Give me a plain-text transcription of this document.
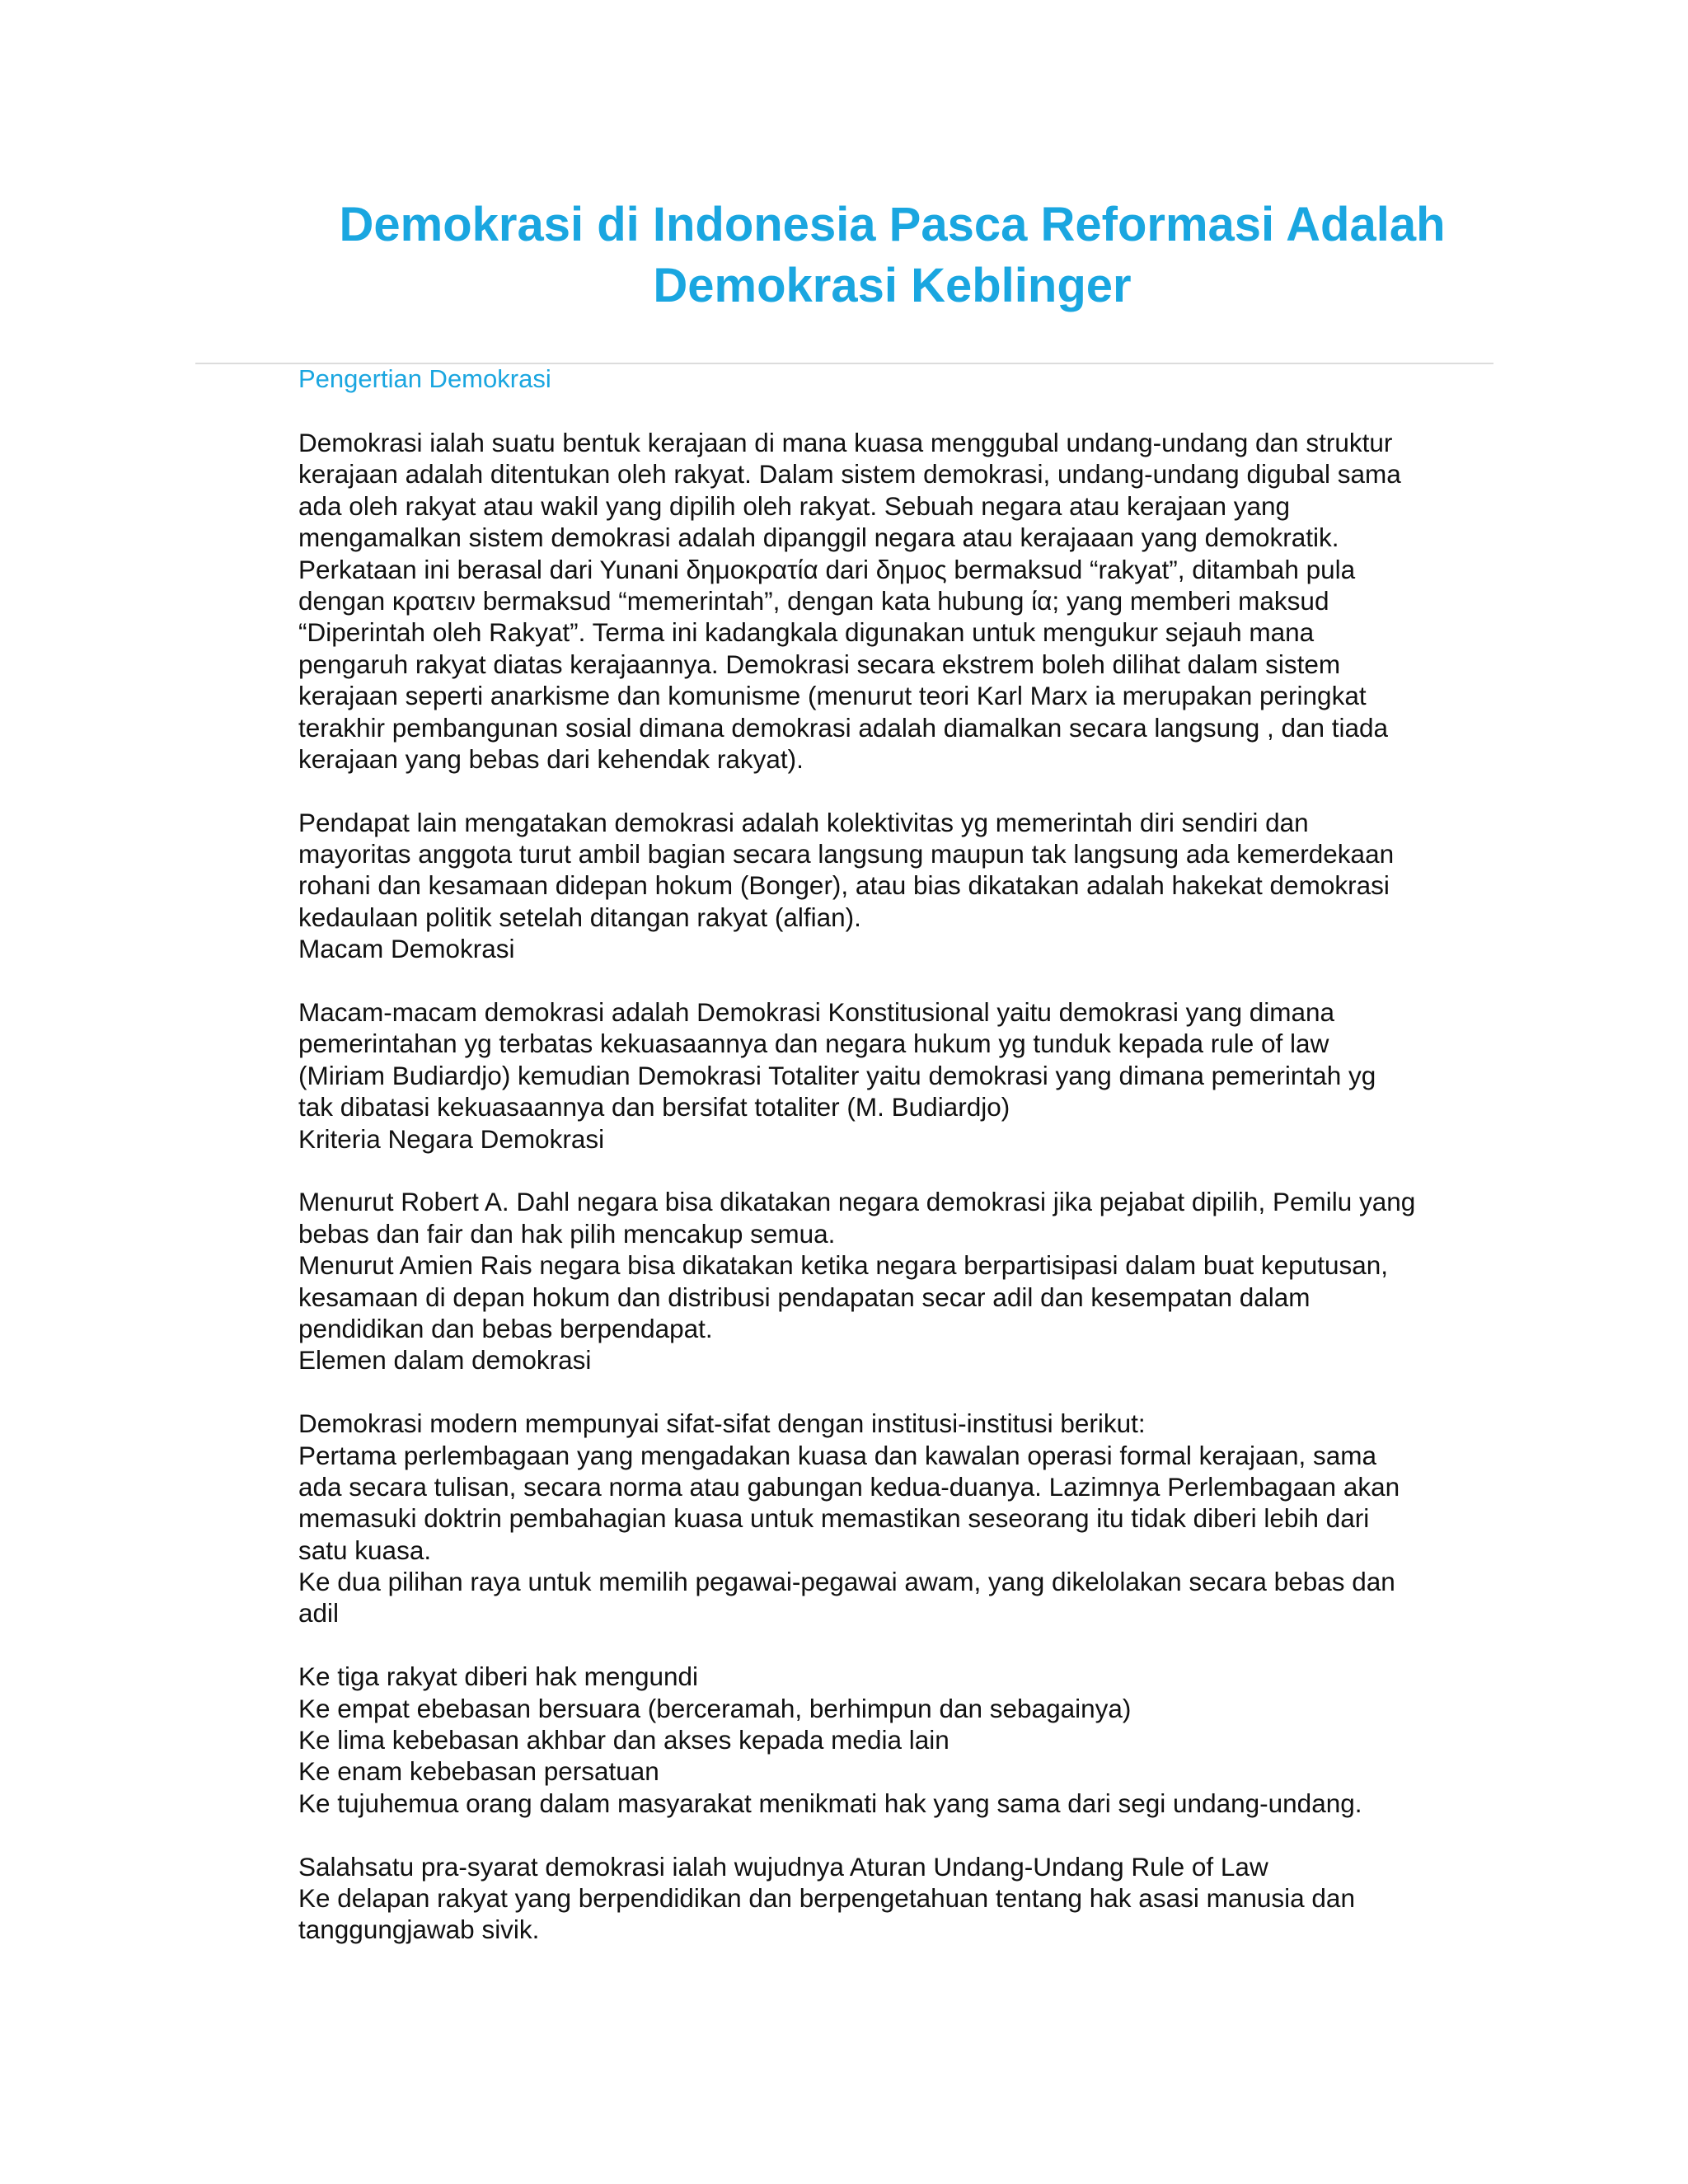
Demokrasi di Indonesia Pasca Reformasi Adalah
Demokrasi Keblinger
Pengertian Demokrasi
Demokrasi ialah suatu bentuk kerajaan di mana kuasa menggubal undang-undang dan struktur
kerajaan adalah ditentukan oleh rakyat. Dalam sistem demokrasi, undang-undang digubal sama
ada oleh rakyat atau wakil yang dipilih oleh rakyat. Sebuah negara atau kerajaan yang
mengamalkan sistem demokrasi adalah dipanggil negara atau kerajaaan yang demokratik.
Perkataan ini berasal dari Yunani δημοκρατία dari δημος bermaksud “rakyat”, ditambah pula
dengan κρατειν bermaksud “memerintah”, dengan kata hubung ία; yang memberi maksud
“Diperintah oleh Rakyat”. Terma ini kadangkala digunakan untuk mengukur sejauh mana
pengaruh rakyat diatas kerajaannya. Demokrasi secara ekstrem boleh dilihat dalam sistem
kerajaan seperti anarkisme dan komunisme (menurut teori Karl Marx ia merupakan peringkat
terakhir pembangunan sosial dimana demokrasi adalah diamalkan secara langsung , dan tiada
kerajaan yang bebas dari kehendak rakyat).
Pendapat lain mengatakan demokrasi adalah kolektivitas yg memerintah diri sendiri dan
mayoritas anggota turut ambil bagian secara langsung maupun tak langsung ada kemerdekaan
rohani dan kesamaan didepan hokum (Bonger), atau bias dikatakan adalah hakekat demokrasi
kedaulaan politik setelah ditangan rakyat (alfian).
Macam Demokrasi
Macam-macam demokrasi adalah Demokrasi Konstitusional yaitu demokrasi yang dimana
pemerintahan yg terbatas kekuasaannya dan negara hukum yg tunduk kepada rule of law
(Miriam Budiardjo) kemudian Demokrasi Totaliter yaitu demokrasi yang dimana pemerintah yg
tak dibatasi kekuasaannya dan bersifat totaliter (M. Budiardjo)
Kriteria Negara Demokrasi
Menurut Robert A. Dahl negara bisa dikatakan negara demokrasi jika pejabat dipilih, Pemilu yang
bebas dan fair dan hak pilih mencakup semua.
Menurut Amien Rais negara bisa dikatakan ketika negara berpartisipasi dalam buat keputusan,
kesamaan di depan hokum dan distribusi pendapatan secar adil dan kesempatan dalam
pendidikan dan bebas berpendapat.
Elemen dalam demokrasi
Demokrasi modern mempunyai sifat-sifat dengan institusi-institusi berikut:
Pertama perlembagaan yang mengadakan kuasa dan kawalan operasi formal kerajaan, sama
ada secara tulisan, secara norma atau gabungan kedua-duanya. Lazimnya Perlembagaan akan
memasuki doktrin pembahagian kuasa untuk memastikan seseorang itu tidak diberi lebih dari
satu kuasa.
Ke dua pilihan raya untuk memilih pegawai-pegawai awam, yang dikelolakan secara bebas dan
adil
Ke tiga rakyat diberi hak mengundi
Ke empat ebebasan bersuara (berceramah, berhimpun dan sebagainya)
Ke lima kebebasan akhbar dan akses kepada media lain
Ke enam kebebasan persatuan
Ke tujuhemua orang dalam masyarakat menikmati hak yang sama dari segi undang-undang.
Salahsatu pra-syarat demokrasi ialah wujudnya Aturan Undang-Undang Rule of Law
Ke delapan rakyat yang berpendidikan dan berpengetahuan tentang hak asasi manusia dan
tanggungjawab sivik.
